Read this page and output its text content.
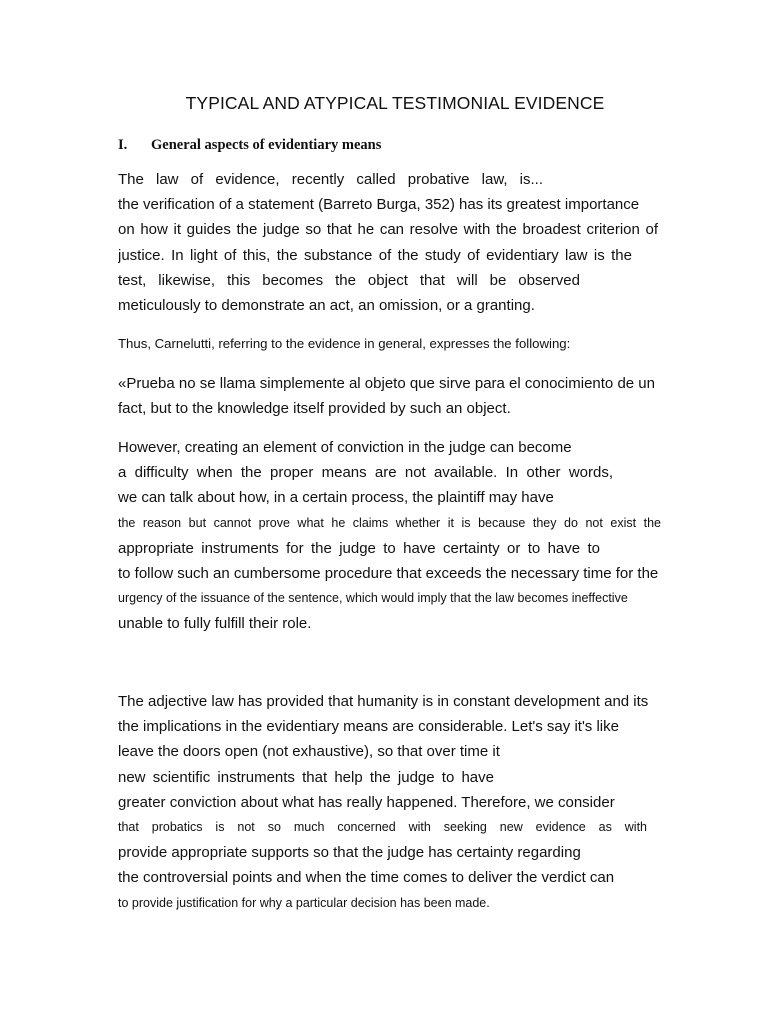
TYPICAL AND ATYPICAL TESTIMONIAL EVIDENCE
I. General aspects of evidentiary means
The law of evidence, recently called probative law, is...
the verification of a statement (Barreto Burga, 352) has its greatest importance
on how it guides the judge so that he can resolve with the broadest criterion of
justice. In light of this, the substance of the study of evidentiary law is the
test, likewise, this becomes the object that will be observed
meticulously to demonstrate an act, an omission, or a granting.
Thus, Carnelutti, referring to the evidence in general, expresses the following:
«Prueba no se llama simplemente al objeto que sirve para el conocimiento de un
fact, but to the knowledge itself provided by such an object.
However, creating an element of conviction in the judge can become
a difficulty when the proper means are not available. In other words,
we can talk about how, in a certain process, the plaintiff may have
the reason but cannot prove what he claims whether it is because they do not exist the
appropriate instruments for the judge to have certainty or to have to
to follow such an cumbersome procedure that exceeds the necessary time for the
urgency of the issuance of the sentence, which would imply that the law becomes ineffective
unable to fully fulfill their role.
The adjective law has provided that humanity is in constant development and its
the implications in the evidentiary means are considerable. Let's say it's like
leave the doors open (not exhaustive), so that over time it
new scientific instruments that help the judge to have
greater conviction about what has really happened. Therefore, we consider
that probatics is not so much concerned with seeking new evidence as with
provide appropriate supports so that the judge has certainty regarding
the controversial points and when the time comes to deliver the verdict can
to provide justification for why a particular decision has been made.
